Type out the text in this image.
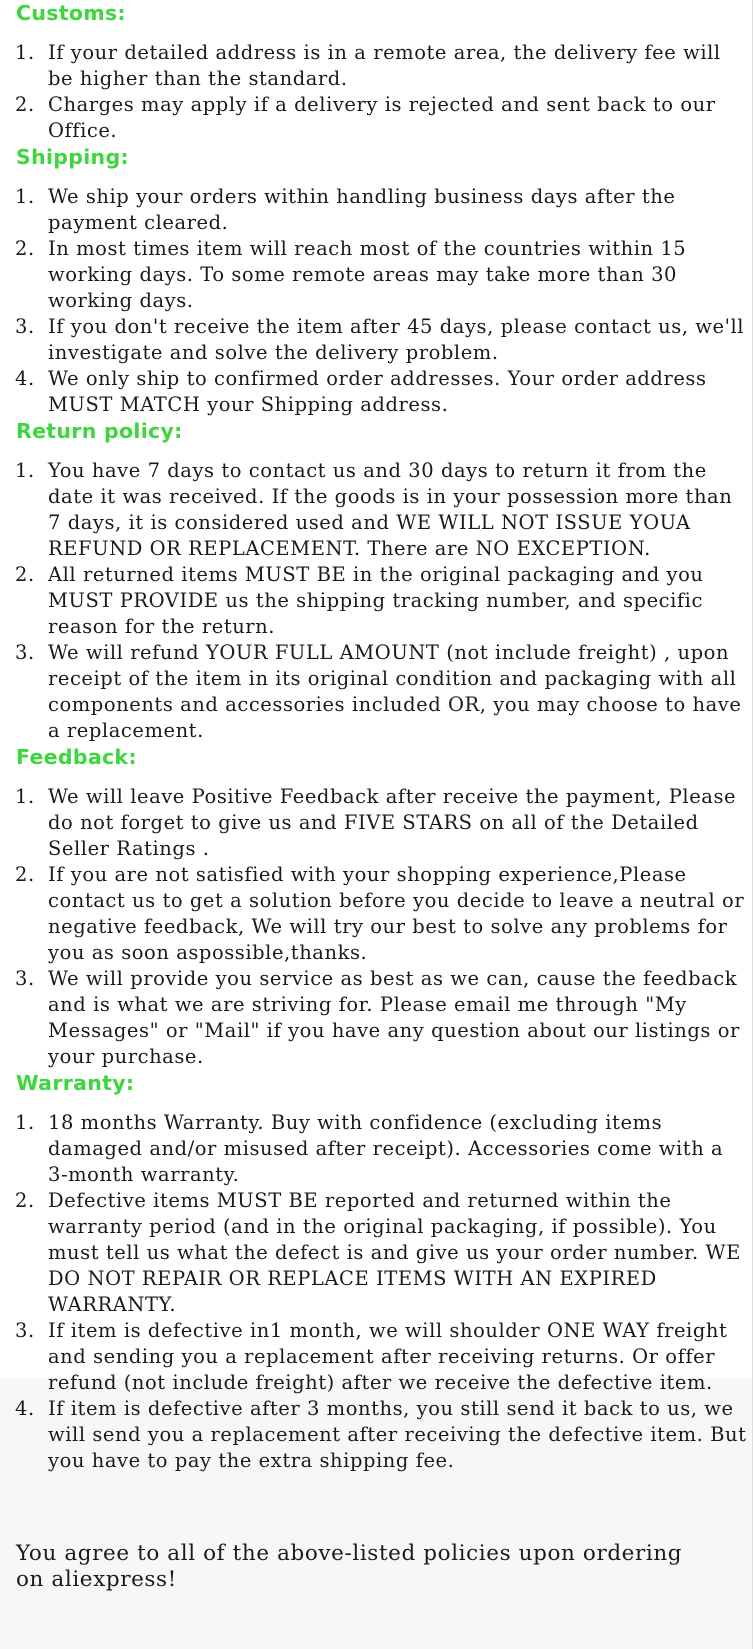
Customs:
1. If your detailed address is in a remote area, the delivery fee will be higher than the standard.
2. Charges may apply if a delivery is rejected and sent back to our Office.
Shipping:
1. We ship your orders within handling business days after the payment cleared.
2. In most times item will reach most of the countries within 15 working days. To some remote areas may take more than 30 working days.
3. If you don't receive the item after 45 days, please contact us, we'll investigate and solve the delivery problem.
4. We only ship to confirmed order addresses. Your order address MUST MATCH your Shipping address.
Return policy:
1. You have 7 days to contact us and 30 days to return it from the date it was received. If the goods is in your possession more than 7 days, it is considered used and WE WILL NOT ISSUE YOUA REFUND OR REPLACEMENT. There are NO EXCEPTION.
2. All returned items MUST BE in the original packaging and you MUST PROVIDE us the shipping tracking number, and specific reason for the return.
3. We will refund YOUR FULL AMOUNT (not include freight) , upon receipt of the item in its original condition and packaging with all components and accessories included OR, you may choose to have a replacement.
Feedback:
1. We will leave Positive Feedback after receive the payment, Please do not forget to give us and FIVE STARS on all of the Detailed Seller Ratings .
2. If you are not satisfied with your shopping experience,Please contact us to get a solution before you decide to leave a neutral or negative feedback, We will try our best to solve any problems for you as soon aspossible,thanks.
3. We will provide you service as best as we can, cause the feedback and is what we are striving for. Please email me through "My Messages" or "Mail" if you have any question about our listings or your purchase.
Warranty:
1. 18 months Warranty. Buy with confidence (excluding items damaged and/or misused after receipt). Accessories come with a 3-month warranty.
2. Defective items MUST BE reported and returned within the warranty period (and in the original packaging, if possible). You must tell us what the defect is and give us your order number. WE DO NOT REPAIR OR REPLACE ITEMS WITH AN EXPIRED WARRANTY.
3. If item is defective in1 month, we will shoulder ONE WAY freight and sending you a replacement after receiving returns. Or offer refund (not include freight) after we receive the defective item.
4. If item is defective after 3 months, you still send it back to us, we will send you a replacement after receiving the defective item. But you have to pay the extra shipping fee.

You agree to all of the above-listed policies upon ordering on aliexpress!
